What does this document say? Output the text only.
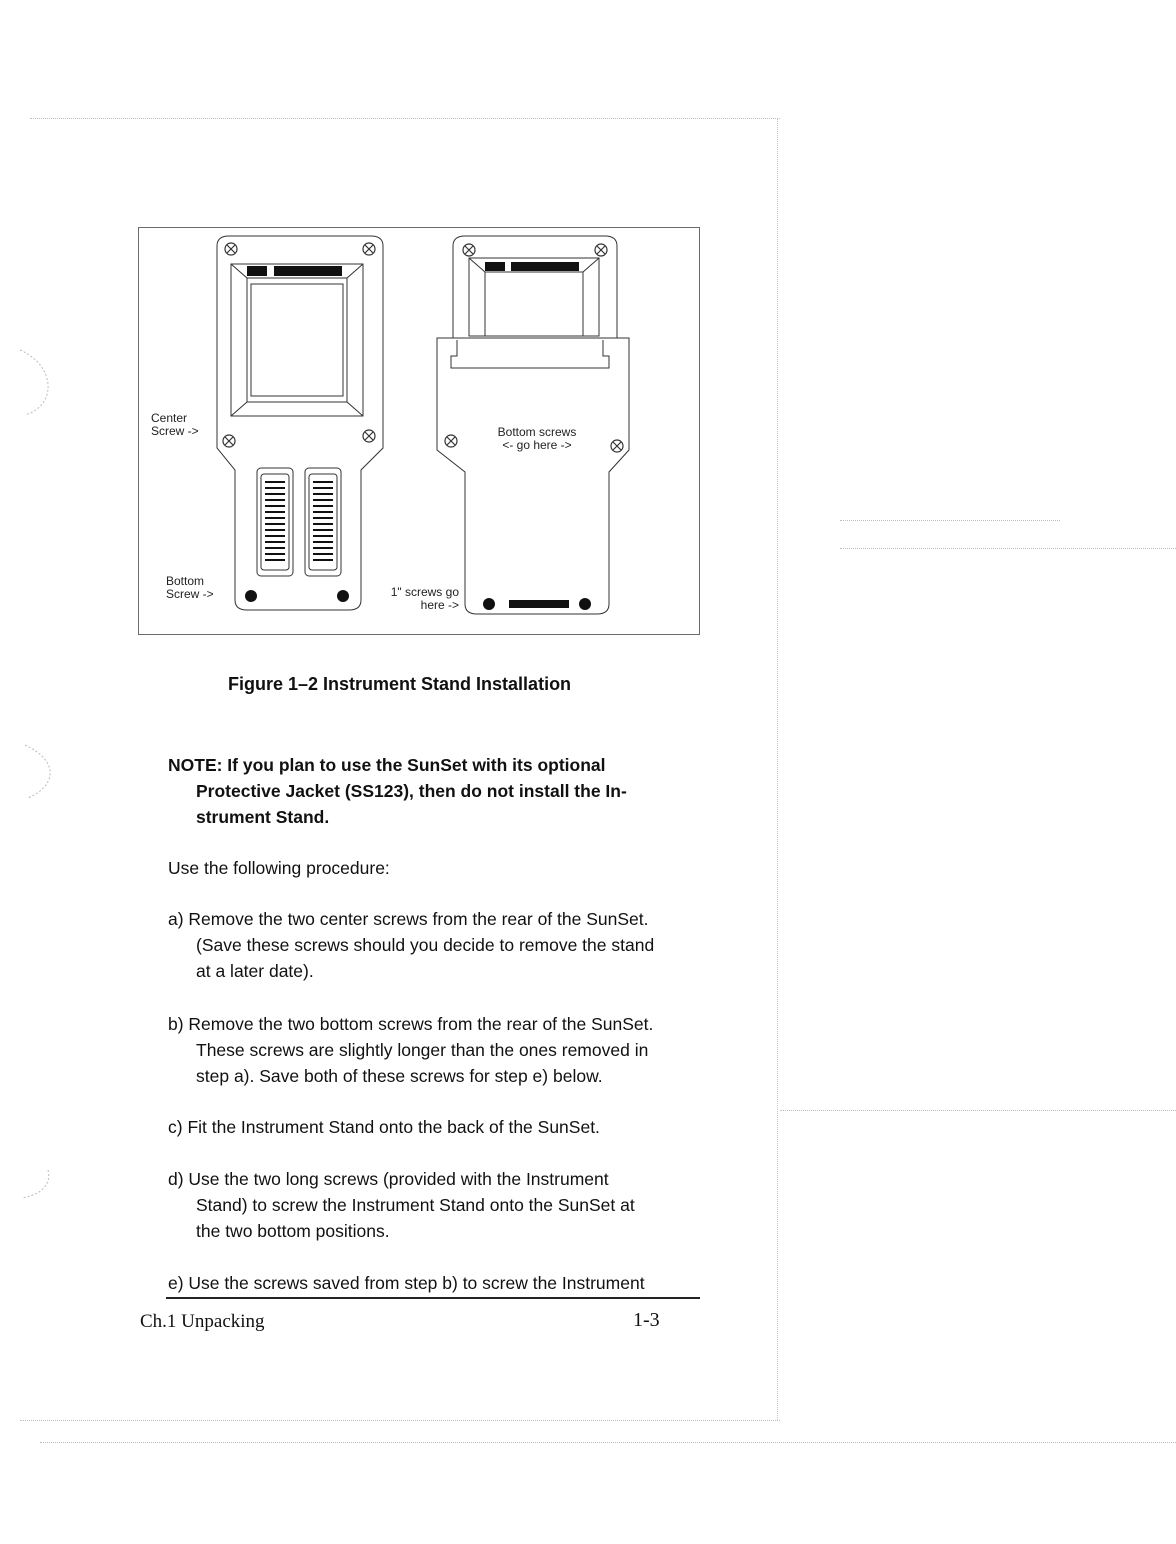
Center
Screw ->
Bottom
Screw ->	1" screws go
here ->
Bottom screws
<- go here ->
Figure 1–2 Instrument Stand Installation
NOTE: If you plan to use the SunSet with its optional
Protective Jacket (SS123), then do not install the In-
strument Stand.
Use the following procedure:
a) Remove the two center screws from the rear of the SunSet.
(Save these screws should you decide to remove the stand
at a later date).
b) Remove the two bottom screws from the rear of the SunSet.
These screws are slightly longer than the ones removed in
step a). Save both of these screws for step e) below.
c) Fit the Instrument Stand onto the back of the SunSet.
d) Use the two long screws (provided with the Instrument
Stand) to screw the Instrument Stand onto the SunSet at
the two bottom positions.
e) Use the screws saved from step b) to screw the Instrument
Ch.1 Unpacking	1-3
